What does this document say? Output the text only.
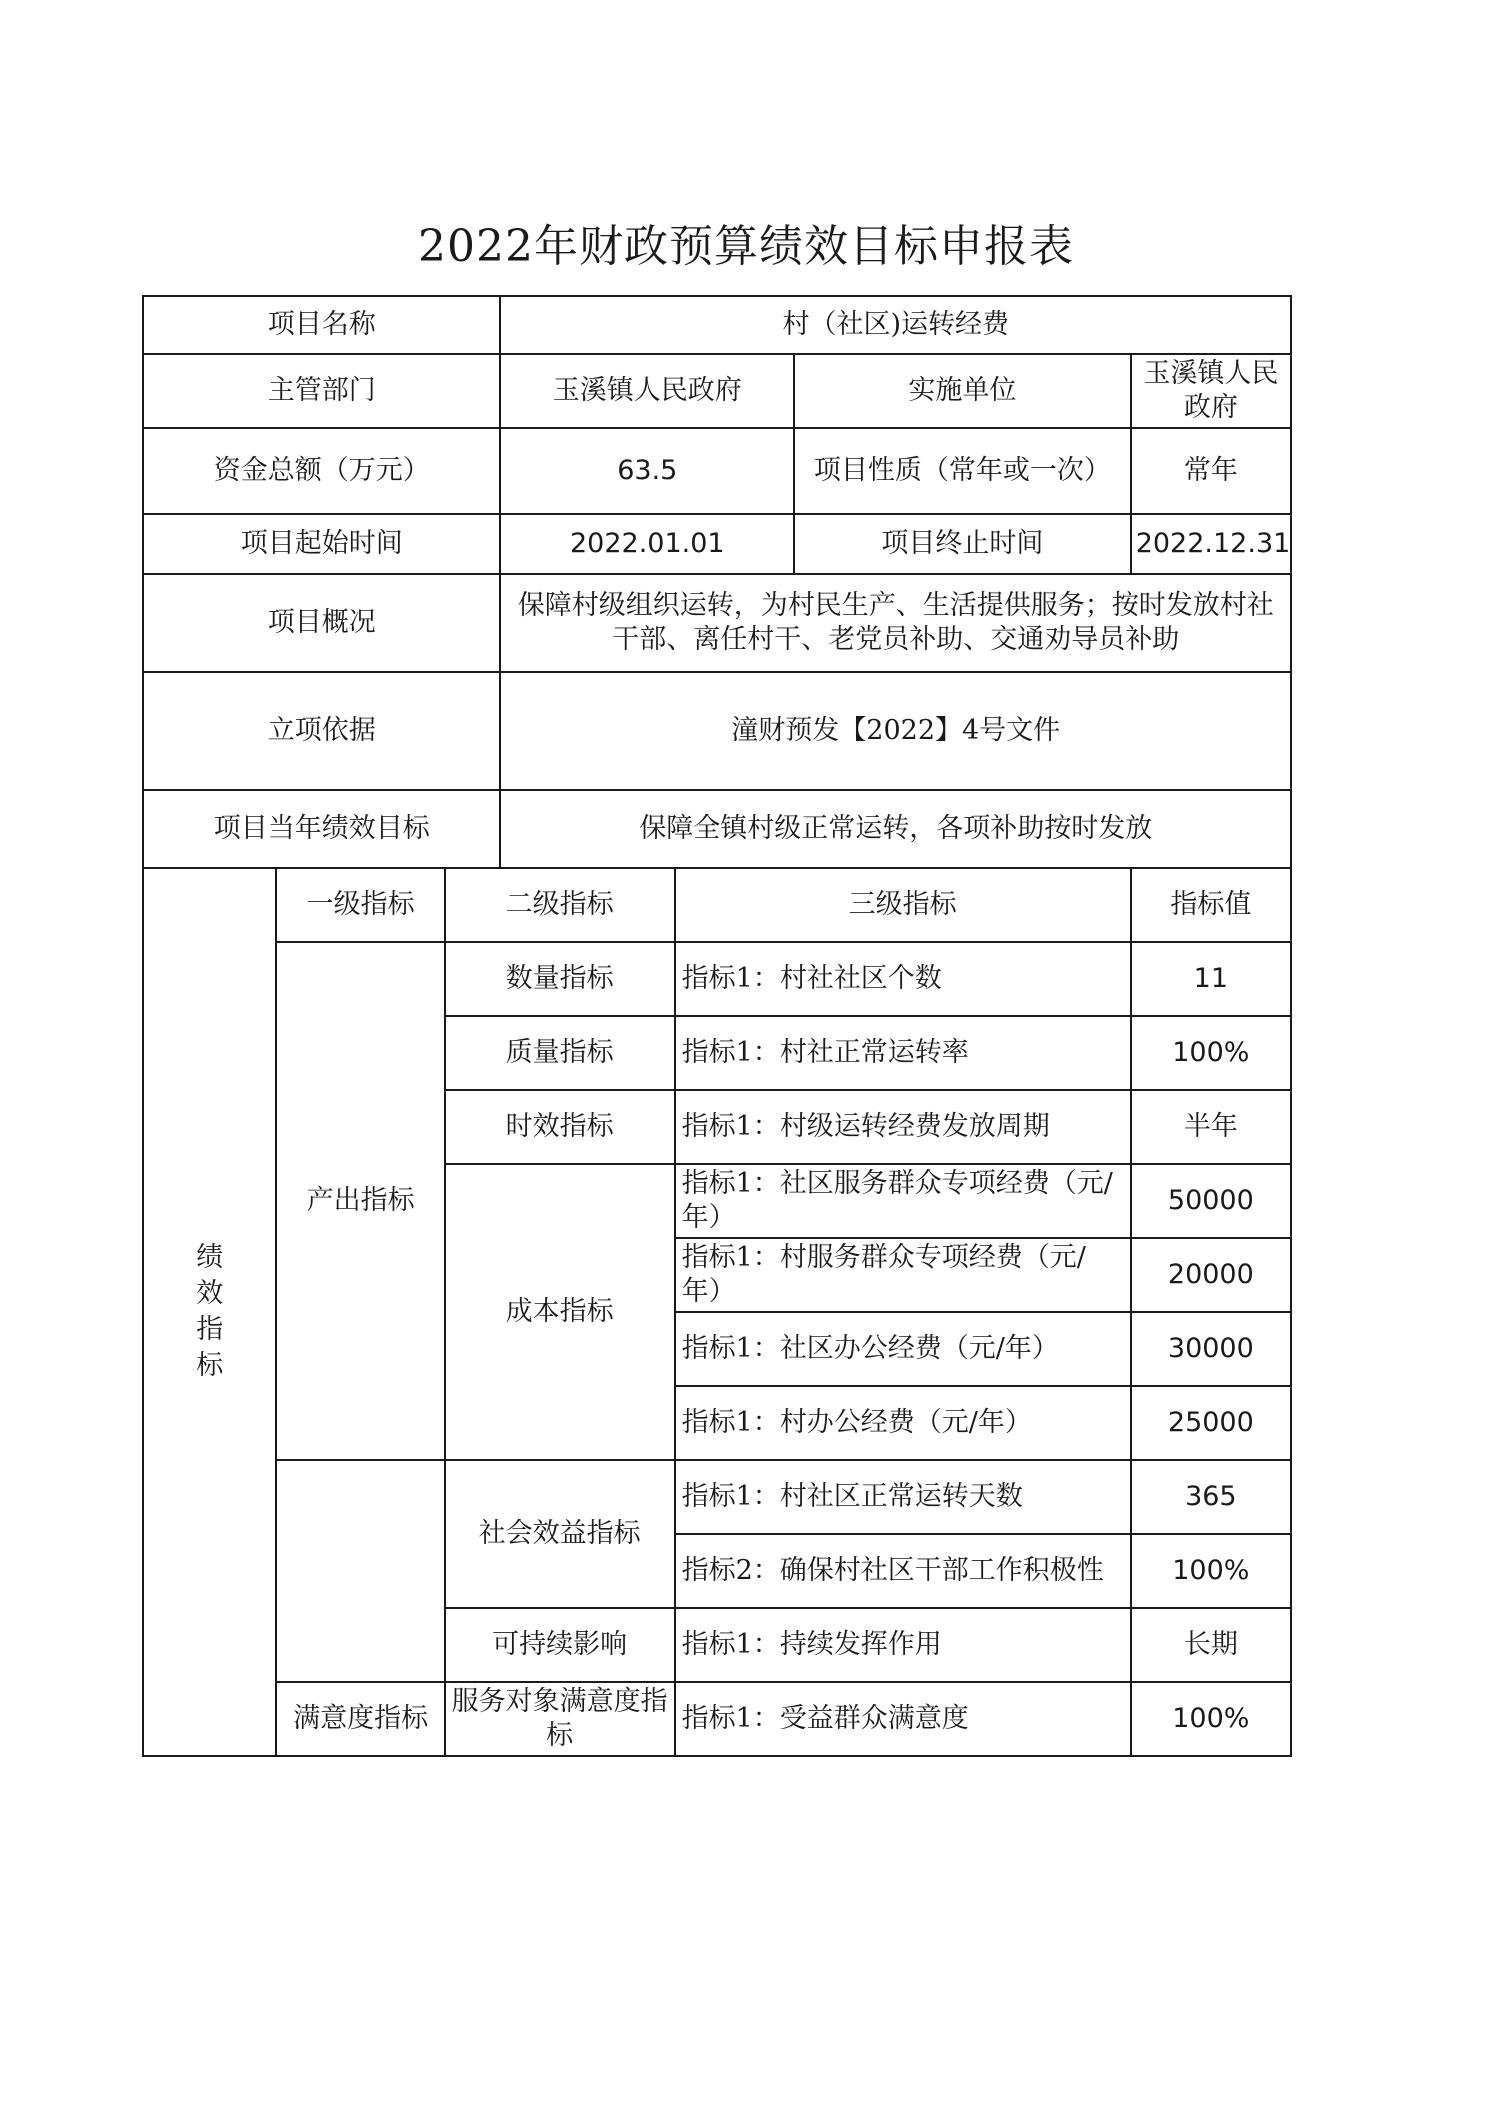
2022年财政预算绩效目标申报表
项目名称			村（社区)运转经费			
主管部门			玉溪镇人民政府		实施单位	玉溪镇人民政府
资金总额（万元）			63.5		项目性质（常年或一次）	常年
项目起始时间			2022.01.01		项目终止时间	2022.12.31
项目概况			保障村级组织运转，为村民生产、生活提供服务；按时发放村社干部、离任村干、老党员补助、交通劝导员补助			
立项依据			潼财预发【2022】4号文件			
项目当年绩效目标			保障全镇村级正常运转，各项补助按时发放			
绩效指标	一级指标	二级指标		三级指标		指标值
	产出指标	数量指标		指标1：村社社区个数		11
		质量指标		指标1：村社正常运转率		100%
		时效指标		指标1：村级运转经费发放周期		半年
		成本指标		指标1：社区服务群众专项经费（元/年）		50000
				指标1：村服务群众专项经费（元/年）		20000
				指标1：社区办公经费（元/年）		30000
				指标1：村办公经费（元/年）		25000
		社会效益指标		指标1：村社区正常运转天数		365
				指标2：确保村社区干部工作积极性		100%
		可持续影响		指标1：持续发挥作用		长期
	满意度指标	服务对象满意度指标		指标1：受益群众满意度		100%
